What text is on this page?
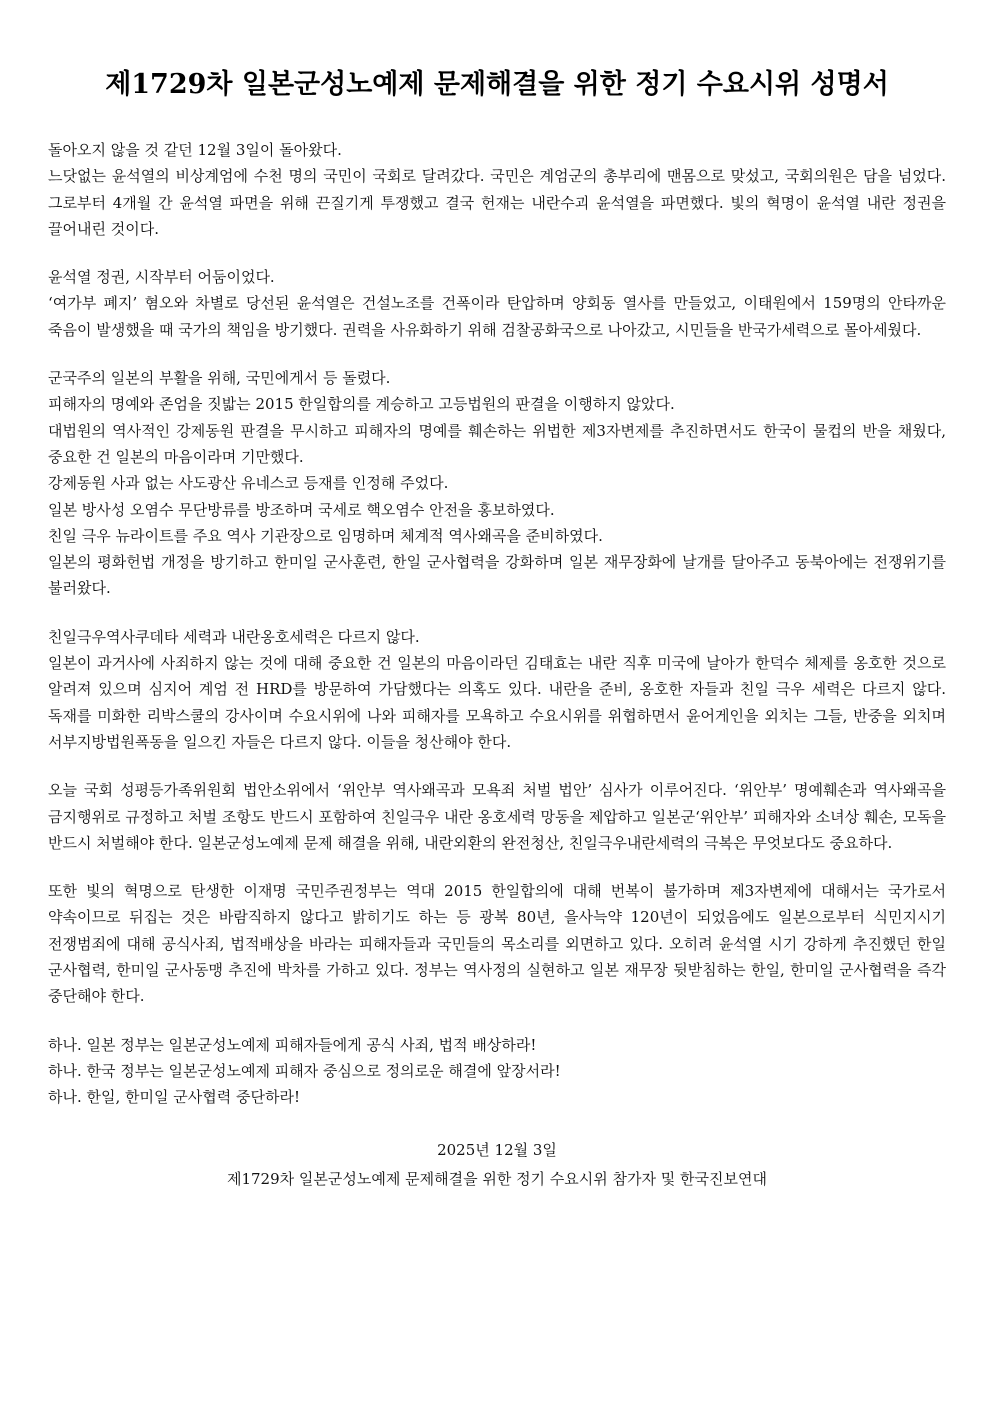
제1729차 일본군성노예제 문제해결을 위한 정기 수요시위 성명서

돌아오지 않을 것 같던 12월 3일이 돌아왔다.

느닷없는 윤석열의 비상계엄에 수천 명의 국민이 국회로 달려갔다. 국민은 계엄군의 총부리에 맨몸으로 맞섰고, 국회의원은 담을 넘었다. 그로부터 4개월 간 윤석열 파면을 위해 끈질기게 투쟁했고 결국 헌재는 내란수괴 윤석열을 파면했다. 빛의 혁명이 윤석열 내란 정권을 끌어내린 것이다.

윤석열 정권, 시작부터 어둠이었다.

‘여가부 폐지’ 혐오와 차별로 당선된 윤석열은 건설노조를 건폭이라 탄압하며 양회동 열사를 만들었고, 이태원에서 159명의 안타까운 죽음이 발생했을 때 국가의 책임을 방기했다. 권력을 사유화하기 위해 검찰공화국으로 나아갔고, 시민들을 반국가세력으로 몰아세웠다.

군국주의 일본의 부활을 위해, 국민에게서 등 돌렸다.

피해자의 명예와 존엄을 짓밟는 2015 한일합의를 계승하고 고등법원의 판결을 이행하지 않았다.

대법원의 역사적인 강제동원 판결을 무시하고 피해자의 명예를 훼손하는 위법한 제3자변제를 추진하면서도 한국이 물컵의 반을 채웠다, 중요한 건 일본의 마음이라며 기만했다.

강제동원 사과 없는 사도광산 유네스코 등재를 인정해 주었다.

일본 방사성 오염수 무단방류를 방조하며 국세로 핵오염수 안전을 홍보하였다.

친일 극우 뉴라이트를 주요 역사 기관장으로 임명하며 체계적 역사왜곡을 준비하였다.

일본의 평화헌법 개정을 방기하고 한미일 군사훈련, 한일 군사협력을 강화하며 일본 재무장화에 날개를 달아주고 동북아에는 전쟁위기를 불러왔다.

친일극우역사쿠데타 세력과 내란옹호세력은 다르지 않다.

일본이 과거사에 사죄하지 않는 것에 대해 중요한 건 일본의 마음이라던 김태효는 내란 직후 미국에 날아가 한덕수 체제를 옹호한 것으로 알려져 있으며 심지어 계엄 전 HRD를 방문하여 가담했다는 의혹도 있다. 내란을 준비, 옹호한 자들과 친일 극우 세력은 다르지 않다. 독재를 미화한 리박스쿨의 강사이며 수요시위에 나와 피해자를 모욕하고 수요시위를 위협하면서 윤어게인을 외치는 그들, 반중을 외치며 서부지방법원폭동을 일으킨 자들은 다르지 않다. 이들을 청산해야 한다.

오늘 국회 성평등가족위원회 법안소위에서 ‘위안부 역사왜곡과 모욕죄 처벌 법안’ 심사가 이루어진다. ‘위안부’ 명예훼손과 역사왜곡을 금지행위로 규정하고 처벌 조항도 반드시 포함하여 친일극우 내란 옹호세력 망동을 제압하고 일본군‘위안부’ 피해자와 소녀상 훼손, 모독을 반드시 처벌해야 한다. 일본군성노예제 문제 해결을 위해, 내란외환의 완전청산, 친일극우내란세력의 극복은 무엇보다도 중요하다.

또한 빛의 혁명으로 탄생한 이재명 국민주권정부는 역대 2015 한일합의에 대해 번복이 불가하며 제3자변제에 대해서는 국가로서 약속이므로 뒤집는 것은 바람직하지 않다고 밝히기도 하는 등 광복 80년, 을사늑약 120년이 되었음에도 일본으로부터 식민지시기 전쟁범죄에 대해 공식사죄, 법적배상을 바라는 피해자들과 국민들의 목소리를 외면하고 있다. 오히려 윤석열 시기 강하게 추진했던 한일 군사협력, 한미일 군사동맹 추진에 박차를 가하고 있다. 정부는 역사정의 실현하고 일본 재무장 뒷받침하는 한일, 한미일 군사협력을 즉각 중단해야 한다.

하나. 일본 정부는 일본군성노예제 피해자들에게 공식 사죄, 법적 배상하라!

하나. 한국 정부는 일본군성노예제 피해자 중심으로 정의로운 해결에 앞장서라!

하나. 한일, 한미일 군사협력 중단하라!

2025년 12월 3일

제1729차 일본군성노예제 문제해결을 위한 정기 수요시위 참가자 및 한국진보연대
